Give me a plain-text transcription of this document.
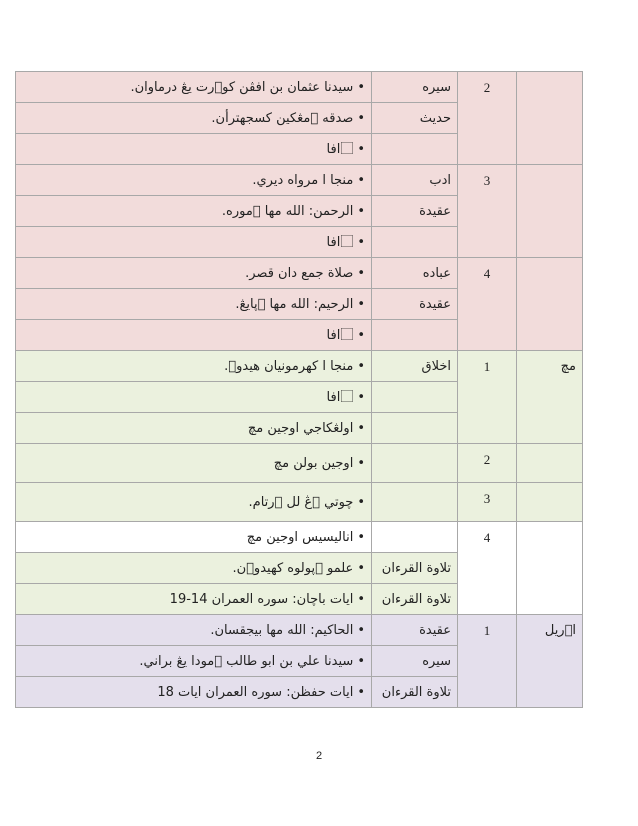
•سيدنا عثمان بن افڤن كو⃞رت يڠ درماوان.	سيره	2	
•صدقه ⃞مڠكين كسجهترأن.	حديث		
•⃞افا			
•منجا ا مرواه ديري.	ادب	3	
•الرحمن: الله مها ⃞موره.	عقيدة		
•⃞افا			
•صلاة جمع دان قصر.	عباده	4	
•الرحيم: الله مها ⃞ڽايڠ.	عقيدة		
•⃞افا			
•منجا ا كهرمونيان هيدو⃞.	اخلاق	1	مچ
•⃞افا			
•اولڠكاجي اوجين مچ			
•اوجين بولن مچ		2	
•چوتي ⃞ڠ لل ⃞رتام.		3	
•اناليسيس اوجين مچ		4	
•علمو ⃞ڽولوه كهيدو⃞ن.	تلاوة القرءان		
•ايات باچان: سوره العمران 14-19	تلاوة القرءان		
•الحاكيم: الله مها بيجقسان.	عقيدة	1	ا⃞ريل
•سيدنا علي بن ابو طالب ⃞مودا يڠ براني.	سيره		
•ايات حفظن: سوره العمران ايات 18	تلاوة القرءان		
2
